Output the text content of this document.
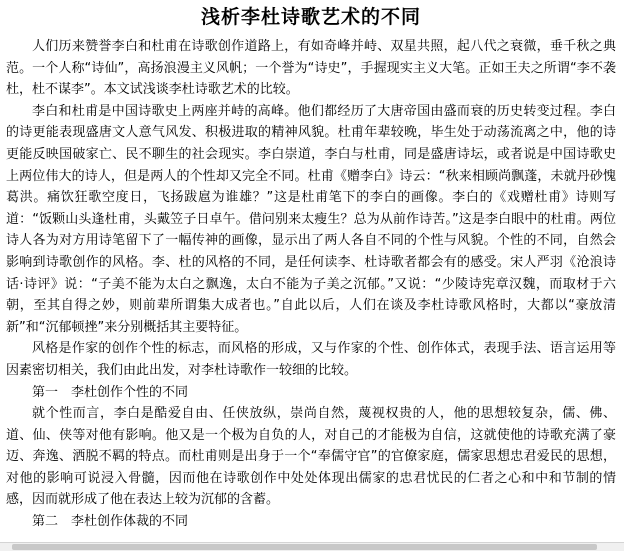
浅析李杜诗歌艺术的不同

人们历来赞誉李白和杜甫在诗歌创作道路上，有如奇峰并峙、双星共照，起八代之衰微，垂千秋之典范。一个人称“诗仙”，高扬浪漫主义风帆；一个誉为“诗史”，手握现实主义大笔。正如王夫之所谓“李不袭杜，杜不谋李”。本文试浅谈李杜诗歌艺术的比较。

李白和杜甫是中国诗歌史上两座并峙的高峰。他们都经历了大唐帝国由盛而衰的历史转变过程。李白的诗更能表现盛唐文人意气风发、积极进取的精神风貌。杜甫年辈较晚，毕生处于动荡流离之中，他的诗更能反映国破家亡、民不聊生的社会现实。李白崇道，李白与杜甫，同是盛唐诗坛，或者说是中国诗歌史上两位伟大的诗人，但是两人的个性却又完全不同。杜甫《赠李白》诗云：“秋来相顾尚飘蓬，未就丹砂愧葛洪。痛饮狂歌空度日，飞扬跋扈为谁雄？”这是杜甫笔下的李白的画像。李白的《戏赠杜甫》诗则写道：“饭颗山头逢杜甫，头戴笠子日卓午。借问别来太瘦生？总为从前作诗苦。”这是李白眼中的杜甫。两位诗人各为对方用诗笔留下了一幅传神的画像，显示出了两人各自不同的个性与风貌。个性的不同，自然会影响到诗歌创作的风格。李、杜的风格的不同，是任何读李、杜诗歌者都会有的感受。宋人严羽《沧浪诗话·诗评》说：“子美不能为太白之飘逸，太白不能为子美之沉郁。”又说：“少陵诗宪章汉魏，而取材于六朝，至其自得之妙，则前辈所谓集大成者也。”自此以后，人们在谈及李杜诗歌风格时，大都以“豪放清新”和“沉郁顿挫”来分别概括其主要特征。

风格是作家的创作个性的标志，而风格的形成，又与作家的个性、创作体式，表现手法、语言运用等因素密切相关，我们由此出发，对李杜诗歌作一较细的比较。

第一　李杜创作个性的不同

就个性而言，李白是酷爱自由、任侠放纵，崇尚自然，蔑视权贵的人，他的思想较复杂，儒、佛、道、仙、侠等对他有影响。他又是一个极为自负的人，对自己的才能极为自信，这就使他的诗歌充满了豪迈、奔逸、洒脱不羁的特点。而杜甫则是出身于一个“奉儒守官”的官僚家庭，儒家思想忠君爱民的思想，对他的影响可说浸入骨髓，因而他在诗歌创作中处处体现出儒家的忠君忧民的仁者之心和中和节制的情感，因而就形成了他在表达上较为沉郁的含蓄。

第二　李杜创作体裁的不同
